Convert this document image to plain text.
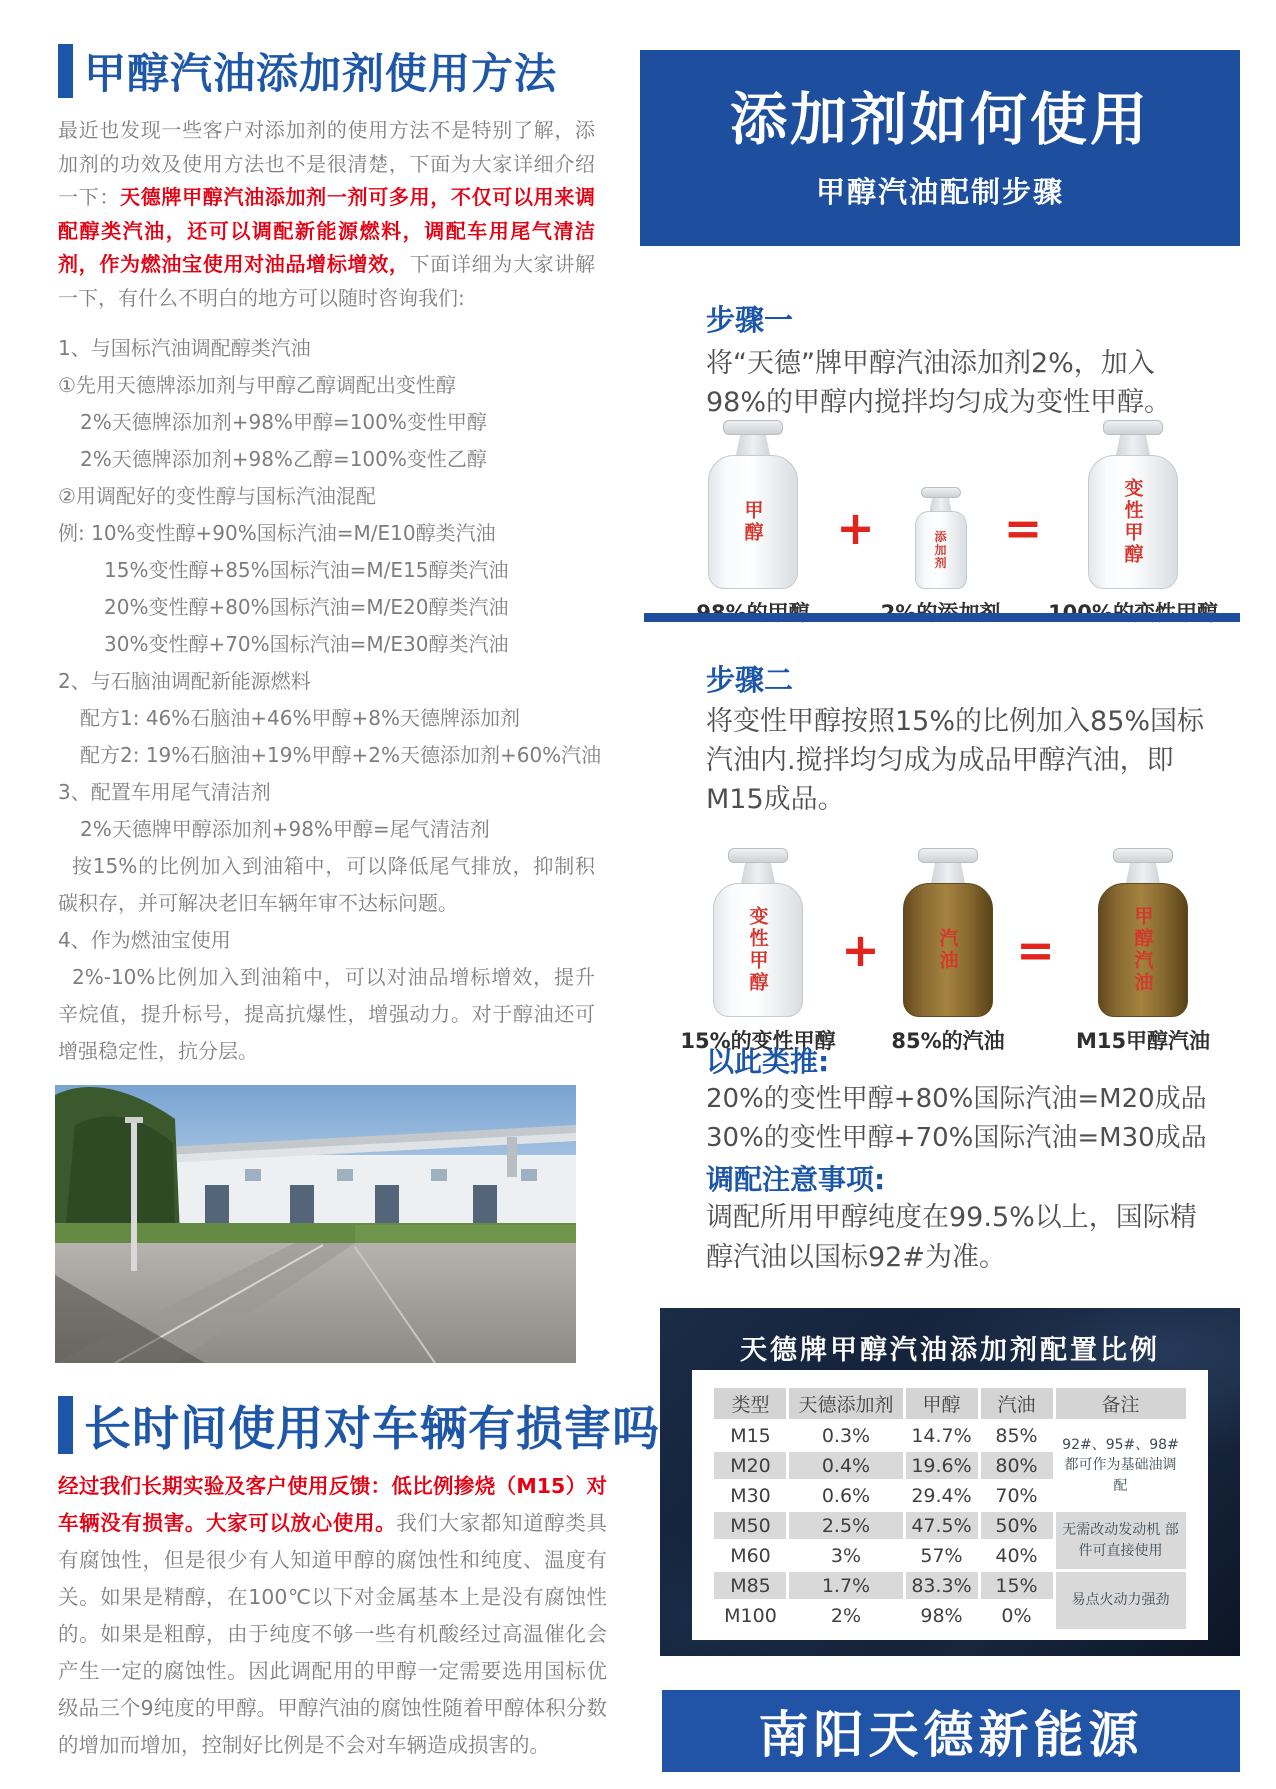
甲醇汽油添加剂使用方法
最近也发现一些客户对添加剂的使用方法不是特别了解，添加剂的功效及使用方法也不是很清楚，下面为大家详细介绍一下：天德牌甲醇汽油添加剂一剂可多用，不仅可以用来调配醇类汽油，还可以调配新能源燃料，调配车用尾气清洁剂，作为燃油宝使用对油品增标增效，下面详细为大家讲解一下，有什么不明白的地方可以随时咨询我们:
1、与国标汽油调配醇类汽油
①先用天德牌添加剂与甲醇乙醇调配出变性醇
2%天德牌添加剂+98%甲醇=100%变性甲醇
2%天德牌添加剂+98%乙醇=100%变性乙醇
②用调配好的变性醇与国标汽油混配
例: 10%变性醇+90%国标汽油=M/E10醇类汽油
15%变性醇+85%国标汽油=M/E15醇类汽油
20%变性醇+80%国标汽油=M/E20醇类汽油
30%变性醇+70%国标汽油=M/E30醇类汽油
2、与石脑油调配新能源燃料
配方1: 46%石脑油+46%甲醇+8%天德牌添加剂
配方2: 19%石脑油+19%甲醇+2%天德添加剂+60%汽油
3、配置车用尾气清洁剂
2%天德牌甲醇添加剂+98%甲醇=尾气清洁剂
按15%的比例加入到油箱中，可以降低尾气排放，抑制积碳积存，并可解决老旧车辆年审不达标问题。
4、作为燃油宝使用
2%-10%比例加入到油箱中，可以对油品增标增效，提升辛烷值，提升标号，提高抗爆性，增强动力。对于醇油还可增强稳定性，抗分层。
长时间使用对车辆有损害吗
经过我们长期实验及客户使用反馈：低比例掺烧（M15）对车辆没有损害。大家可以放心使用。我们大家都知道醇类具有腐蚀性，但是很少有人知道甲醇的腐蚀性和纯度、温度有关。如果是精醇，在100℃以下对金属基本上是没有腐蚀性的。如果是粗醇，由于纯度不够一些有机酸经过高温催化会产生一定的腐蚀性。因此调配用的甲醇一定需要选用国标优级品三个9纯度的甲醇。甲醇汽油的腐蚀性随着甲醇体积分数的增加而增加，控制好比例是不会对车辆造成损害的。
添加剂如何使用
甲醇汽油配制步骤
步骤一
将“天德”牌甲醇汽油添加剂2%，加入98%的甲醇内搅拌均匀成为变性甲醇。
甲醇	+	添加剂	=	变性甲醇
步骤二
将变性甲醇按照15%的比例加入85%国标汽油内.搅拌均匀成为成品甲醇汽油，即M15成品。
变性甲醇
15%的变性甲醇
+	汽油
85%的汽油
=	甲醇汽油
M15甲醇汽油
以此类推:
20%的变性甲醇+80%国际汽油=M20成品
30%的变性甲醇+70%国际汽油=M30成品
调配注意事项:
调配所用甲醇纯度在99.5%以上，国际精醇汽油以国标92#为准。
天德牌甲醇汽油添加剂配置比例
类型	天德添加剂	甲醇	汽油	备注
M15	0.3%	14.7%	85%	92#、95#、98# 都可作为基础油调配
M20	0.4%	19.6%	80%	
M30	0.6%	29.4%	70%	
M50	2.5%	47.5%	50%	无需改动发动机 部件可直接使用
M60	3%	57%	40%	
M85	1.7%	83.3%	15%	易点火动力强劲
M100	2%	98%	0%	
南阳天德新能源
